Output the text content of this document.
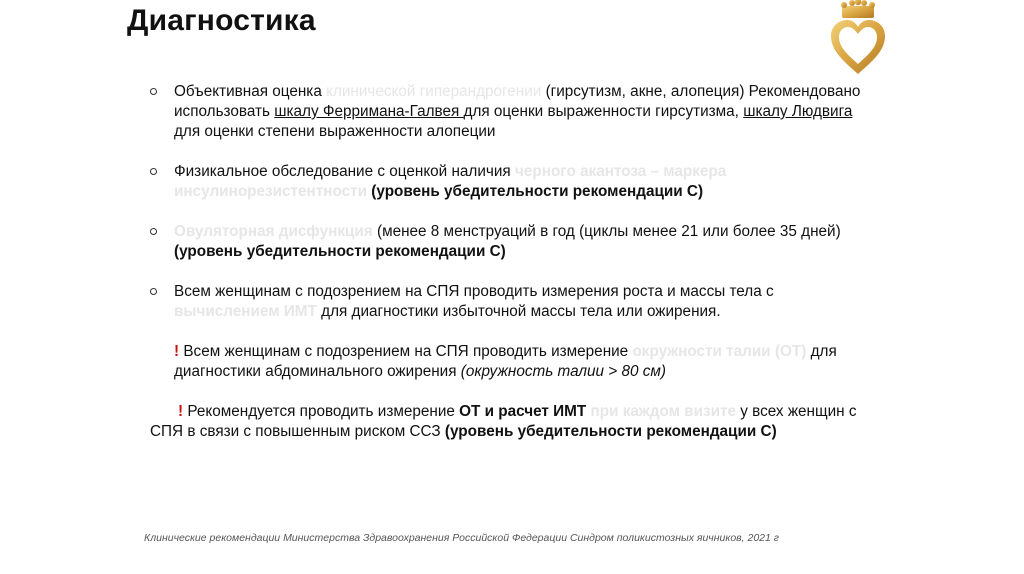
Диагностика
Объективная оценка клинической гиперандрогении (гирсутизм, акне, алопеция) Рекомендовано использовать шкалу Ферримана-Галвея для оценки выраженности гирсутизма, шкалу Людвига для оценки степени выраженности алопеции
Физикальное обследование с оценкой наличия черного акантоза – маркера инсулинорезистентности (уровень убедительности рекомендации С)
Овуляторная дисфункция (менее 8 менструаций в год (циклы менее 21 или более 35 дней) (уровень убедительности рекомендации С)
Всем женщинам с подозрением на СПЯ проводить измерения роста и массы тела с вычислением ИМТ для диагностики избыточной массы тела или ожирения.
! Всем женщинам с подозрением на СПЯ проводить измерение окружности талии (ОТ) для диагностики абдоминального ожирения (окружность талии > 80 см)
! Рекомендуется проводить измерение ОТ и расчет ИМТ при каждом визите у всех женщин с СПЯ в связи с повышенным риском ССЗ (уровень убедительности рекомендации С)
Клинические рекомендации Министерства Здравоохранения Российской Федерации Синдром поликистозных яичников, 2021 г
